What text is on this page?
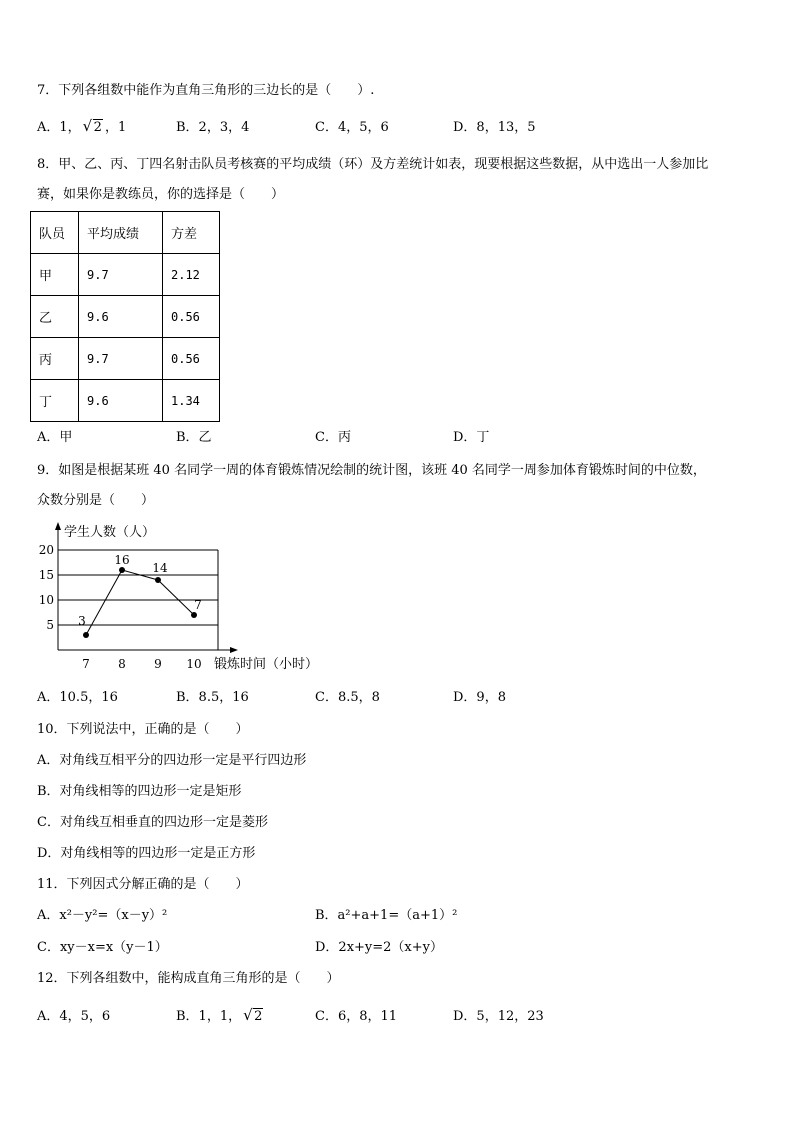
7．下列各组数中能作为直角三角形的三边长的是（　　）.
A．1， √ 2 ，1	B．2，3，4	C．4，5，6	D．8，13，5
8．甲、乙、丙、丁四名射击队员考核赛的平均成绩（环）及方差统计如表，现要根据这些数据，从中选出一人参加比
赛，如果你是教练员，你的选择是（　　）
队员	平均成绩	方差
甲	9.7	2.12
乙	9.6	0.56
丙	9.7	0.56
丁	9.6	1.34
A．甲	B．乙	C．丙	D．丁
9．如图是根据某班 40 名同学一周的体育锻炼情况绘制的统计图，该班 40 名同学一周参加体育锻炼时间的中位数，
众数分别是（　　）
5
10
15
20
7 8 9 10
3
16
14
7
学生人数（人）
锻炼时间（小时）
A．10.5，16	B．8.5，16	C．8.5，8	D．9，8
10．下列说法中，正确的是（　　）
A．对角线互相平分的四边形一定是平行四边形
B．对角线相等的四边形一定是矩形
C．对角线互相垂直的四边形一定是菱形
D．对角线相等的四边形一定是正方形
11．下列因式分解正确的是（　　）
A．x²－y²=（x－y）²	B．a²+a+1=（a+1）²
C．xy－x=x（y－1）	D．2x+y=2（x+y）
12．下列各组数中，能构成直角三角形的是（　　）
A．4，5，6	B．1，1， √ 2	C．6，8，11	D．5，12，23
